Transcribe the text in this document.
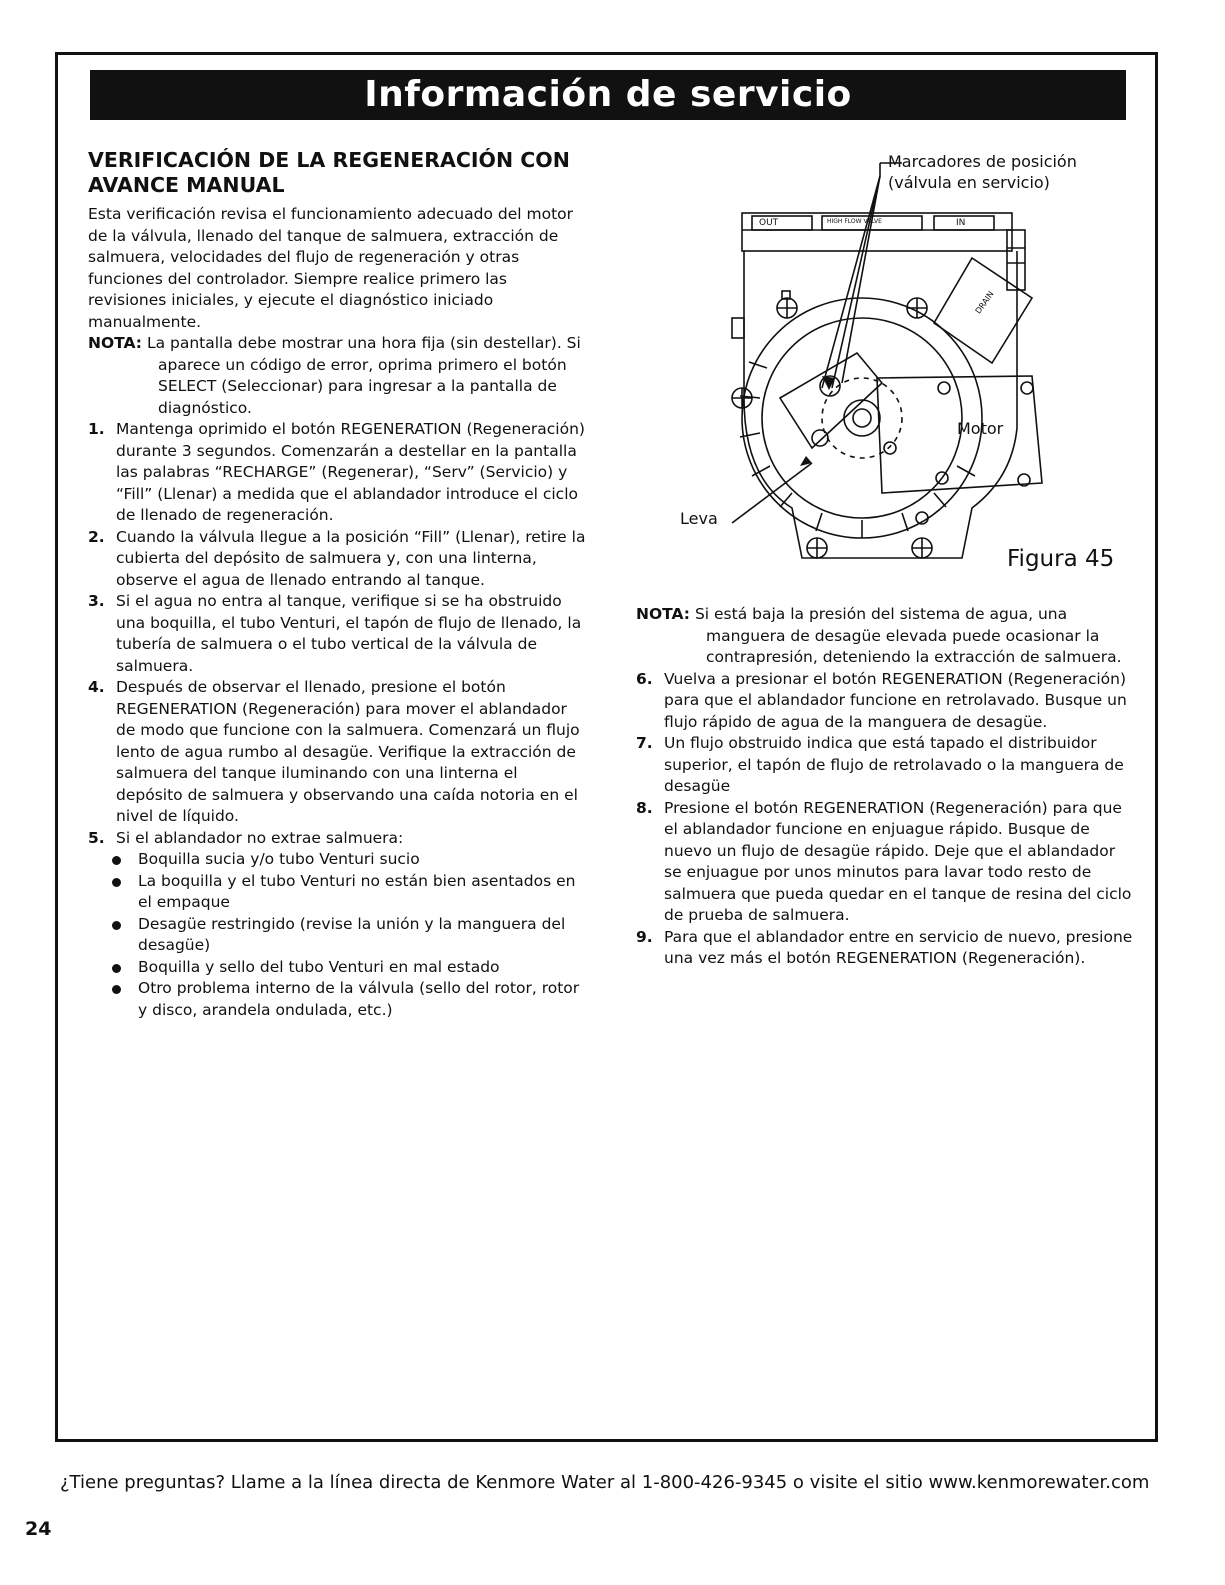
Información de servicio
VERIFICACIÓN DE LA REGENERACIÓN CON
AVANCE MANUAL

Esta verificación revisa el funcionamiento adecuado del motor de la válvula, llenado del tanque de salmuera, extracción de salmuera, velocidades del flujo de regeneración y otras funciones del controlador. Siempre realice primero las revisiones iniciales, y ejecute el diagnóstico iniciado manualmente.

NOTA: La pantalla debe mostrar una hora fija (sin destellar). Si aparece un código de error, oprima primero el botón SELECT (Seleccionar) para ingresar a la pantalla de diagnóstico.

1. Mantenga oprimido el botón REGENERATION (Regeneración) durante 3 segundos. Comenzarán a destellar en la pantalla las palabras “RECHARGE” (Regenerar), “Serv” (Servicio) y “Fill” (Llenar) a medida que el ablandador introduce el ciclo de llenado de regeneración.
2. Cuando la válvula llegue a la posición “Fill” (Llenar), retire la cubierta del depósito de salmuera y, con una linterna, observe el agua de llenado entrando al tanque.
3. Si el agua no entra al tanque, verifique si se ha obstruido una boquilla, el tubo Venturi, el tapón de flujo de llenado, la tubería de salmuera o el tubo vertical de la válvula de salmuera.
4. Después de observar el llenado, presione el botón REGENERATION (Regeneración) para mover el ablandador de modo que funcione con la salmuera. Comenzará un flujo lento de agua rumbo al desagüe. Verifique la extracción de salmuera del tanque iluminando con una linterna el depósito de salmuera y observando una caída notoria en el nivel de líquido.
5. Si el ablandador no extrae salmuera:
Boquilla sucia y/o tubo Venturi sucio
La boquilla y el tubo Venturi no están bien asentados en el empaque
Desagüe restringido (revise la unión y la manguera del desagüe)
Boquilla y sello del tubo Venturi en mal estado
Otro problema interno de la válvula (sello del rotor, rotor y disco, arandela ondulada, etc.)
Marcadores de posición
(válvula en servicio)
Motor
Leva
Figura 45
OUT	HIGH FLOW VALVE	IN
DRAIN

NOTA: Si está baja la presión del sistema de agua, una manguera de desagüe elevada puede ocasionar la contrapresión, deteniendo la extracción de salmuera.

6. Vuelva a presionar el botón REGENERATION (Regeneración) para que el ablandador funcione en retrolavado. Busque un flujo rápido de agua de la manguera de desagüe.
7. Un flujo obstruido indica que está tapado el distribuidor superior, el tapón de flujo de retrolavado o la manguera de desagüe
8. Presione el botón REGENERATION (Regeneración) para que el ablandador funcione en enjuague rápido. Busque de nuevo un flujo de desagüe rápido. Deje que el ablandador se enjuague por unos minutos para lavar todo resto de salmuera que pueda quedar en el tanque de resina del ciclo de prueba de salmuera.
9. Para que el ablandador entre en servicio de nuevo, presione una vez más el botón REGENERATION (Regeneración).
¿Tiene preguntas? Llame a la línea directa de Kenmore Water al 1-800-426-9345 o visite el sitio www.kenmorewater.com
24
